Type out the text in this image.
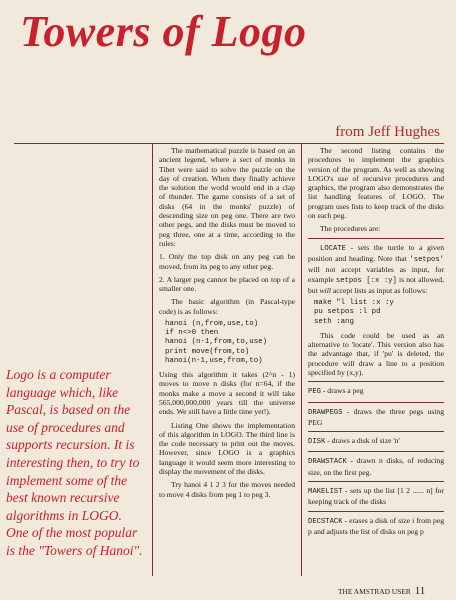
Towers of Logo
from Jeff Hughes

Logo is a computer language which, like Pascal, is based on the use of procedures and supports recursion. It is interesting then, to try to implement some of the best known recursive algorithms in LOGO.

One of the most popular is the "Towers of Hanoi".

The mathematical puzzle is based on an ancient legend, where a sect of monks in Tibet were said to solve the puzzle on the day of creation. When they finally achieve the solution the world would end in a clap of thunder. The game consists of a set of disks (64 in the monks' puzzle) of descending size on peg one. There are two other pegs, and the disks must be moved to peg three, one at a time, according to the rules:

1. Only the top disk on any peg can be moved, from its peg to any other peg.

2. A larger peg cannot be placed on top of a smaller one.

The basic algorithm (in Pascal-type code) is as follows:

hanoi (n,from,use,to)
if n<>0 then
hanoi (n-1,from,to,use)
print move(from,to)
hanoi(n-1,use,from,to)

Using this algorithm it takes (2^n - 1) moves to move n disks (for n=64, if the monks make a move a second it will take 565,000,000,000 years till the universe ends. We still have a little time yet!).

Listing One shows the implementation of this algorithm in LOGO. The third line is the code necessary to print out the moves. However, since LOGO is a graphics language it would seem more interesting to display the movement of the disks.

Try hanoi 4 1 2 3 for the moves needed to move 4 disks from peg 1 to peg 3.

The second listing contains the procedures to implement the graphics version of the program. As well as showing LOGO's use of recursive procedures and graphics, the program also demonstrates the list handling features of LOGO. The program uses lists to keep track of the disks on each peg.

The procedures are:

LOCATE - sets the turtle to a given position and heading. Note that 'setpos' will not accept variables as input, for example setpos [:x :y] is not allowed, but will accept lists as input as follows:

make "l list :x :y
pu setpos :l pd
seth :ang

This code could be used as an alternative to 'locate'. This version also has the advantage that, if 'pu' is deleted, the procedure will draw a line to a position specified by (x,y).

PEG - draws a peg

DRAWPEGS - draws the three pegs using PEG

DISK - draws a disk of size 'n'

DRAWSTACK - drawn n disks, of reducing size, on the first peg.

MAKELIST - sets up the list [1 2 ...... n] for keeping track of the disks

DECSTACK - erases a disk of size i from peg p and adjusts the list of disks on peg p

THE AMSTRAD USER 11
